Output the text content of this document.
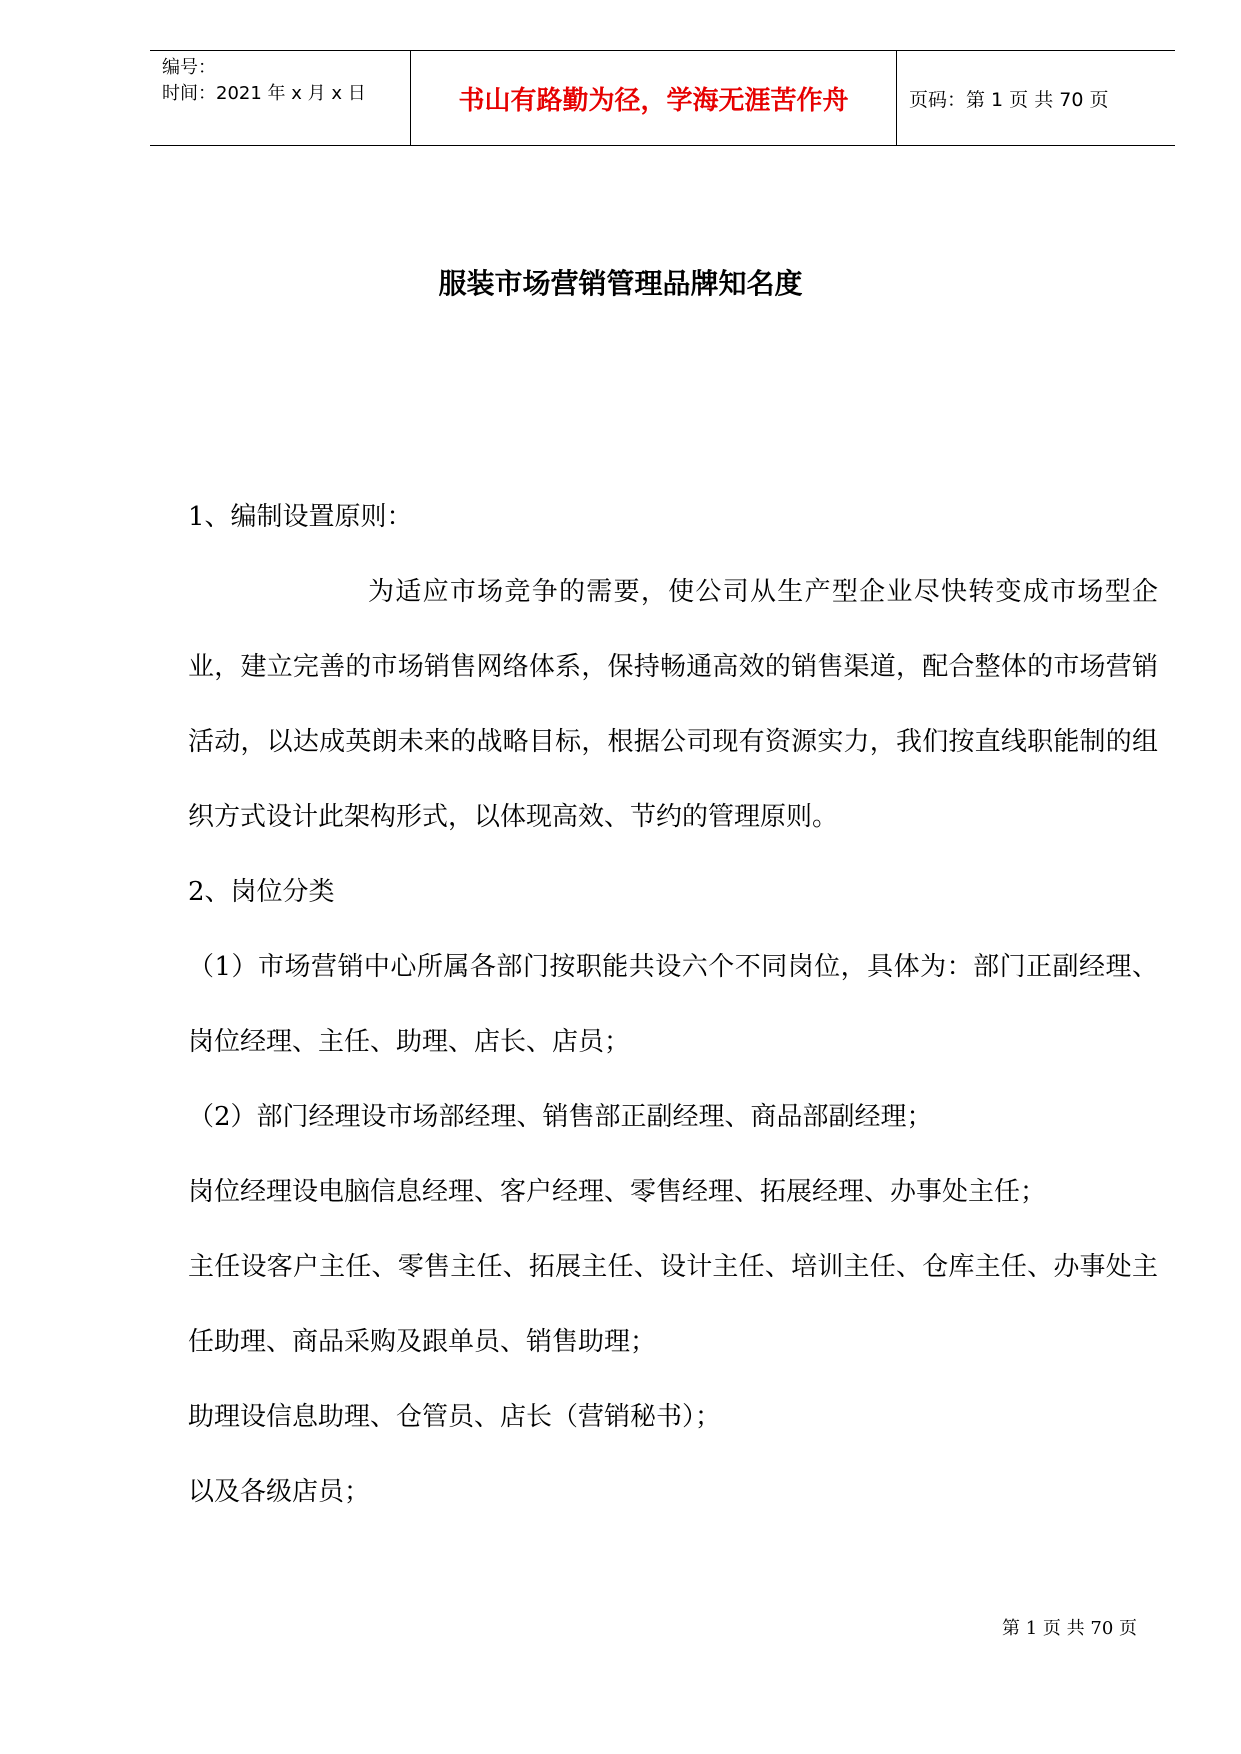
编号：
时间：2021 年 x 月 x 日	书山有路勤为径，学海无涯苦作舟	页码：第 1 页 共 70 页
服装市场营销管理品牌知名度

1、编制设置原则：

为适应市场竞争的需要，使公司从生产型企业尽快转变成市场型企业，建立完善的市场销售网络体系，保持畅通高效的销售渠道，配合整体的市场营销活动，以达成英朗未来的战略目标，根据公司现有资源实力，我们按直线职能制的组织方式设计此架构形式，以体现高效、节约的管理原则。

2、岗位分类

（1）市场营销中心所属各部门按职能共设六个不同岗位，具体为：部门正副经理、岗位经理、主任、助理、店长、店员；

（2）部门经理设市场部经理、销售部正副经理、商品部副经理；

岗位经理设电脑信息经理、客户经理、零售经理、拓展经理、办事处主任；

主任设客户主任、零售主任、拓展主任、设计主任、培训主任、仓库主任、办事处主任助理、商品采购及跟单员、销售助理；

助理设信息助理、仓管员、店长（营销秘书）；

以及各级店员；

第 1 页 共 70 页
